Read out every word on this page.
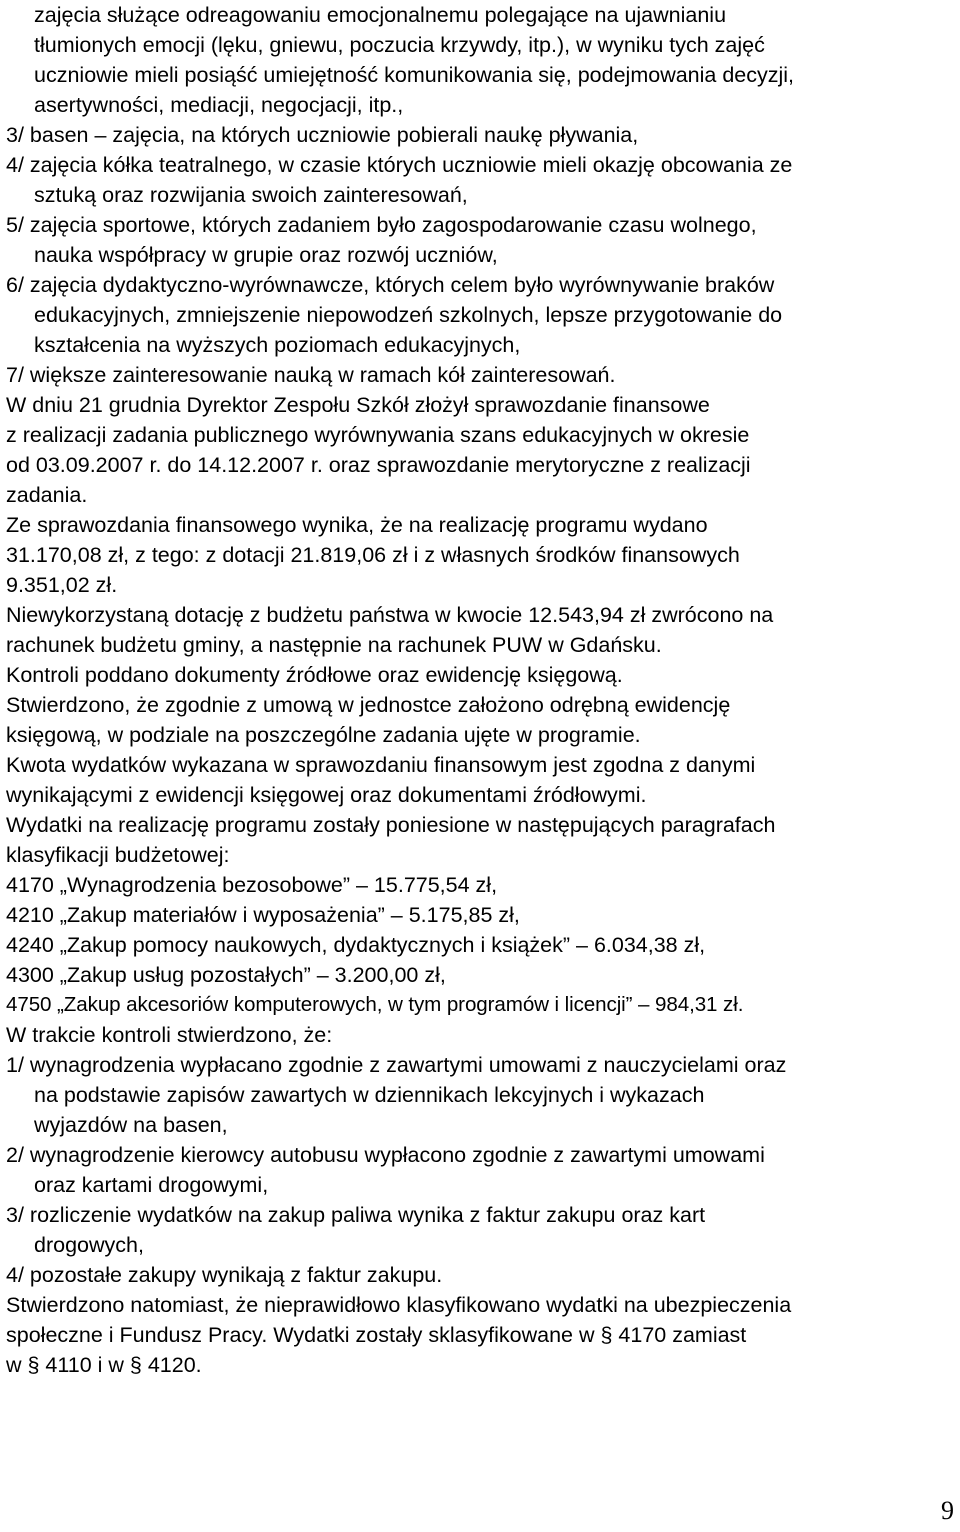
zajęcia służące odreagowaniu emocjonalnemu polegające na ujawnianiu

tłumionych emocji (lęku, gniewu, poczucia krzywdy, itp.), w wyniku tych zajęć

uczniowie mieli posiąść umiejętność komunikowania się, podejmowania decyzji,

asertywności, mediacji, negocjacji, itp.,

3/ basen – zajęcia, na których uczniowie pobierali naukę pływania,

4/ zajęcia kółka teatralnego, w czasie których uczniowie mieli okazję obcowania ze

sztuką oraz rozwijania swoich zainteresowań,

5/ zajęcia sportowe, których zadaniem było zagospodarowanie czasu wolnego,

nauka współpracy w grupie oraz rozwój uczniów,

6/ zajęcia dydaktyczno-wyrównawcze, których celem było wyrównywanie braków

edukacyjnych, zmniejszenie niepowodzeń szkolnych, lepsze przygotowanie do

kształcenia na wyższych poziomach edukacyjnych,

7/ większe zainteresowanie nauką w ramach kół zainteresowań.

W dniu 21 grudnia Dyrektor Zespołu Szkół złożył sprawozdanie finansowe

z realizacji zadania publicznego wyrównywania szans edukacyjnych w okresie

od 03.09.2007 r. do 14.12.2007 r. oraz sprawozdanie merytoryczne z realizacji

zadania.

Ze sprawozdania finansowego wynika, że na realizację programu wydano

31.170,08 zł, z tego: z dotacji 21.819,06 zł i z własnych środków finansowych

9.351,02 zł.

Niewykorzystaną dotację z budżetu państwa w kwocie 12.543,94 zł zwrócono na

rachunek budżetu gminy, a następnie na rachunek PUW w Gdańsku.

Kontroli poddano dokumenty źródłowe oraz ewidencję księgową.

Stwierdzono, że zgodnie z umową w jednostce założono odrębną ewidencję

księgową, w podziale na poszczególne zadania ujęte w programie.

Kwota wydatków wykazana w sprawozdaniu finansowym jest zgodna z danymi

wynikającymi z ewidencji księgowej oraz dokumentami źródłowymi.

Wydatki na realizację programu zostały poniesione w następujących paragrafach

klasyfikacji budżetowej:

4170 „Wynagrodzenia bezosobowe” – 15.775,54 zł,

4210 „Zakup materiałów i wyposażenia” – 5.175,85 zł,

4240 „Zakup pomocy naukowych, dydaktycznych i książek” – 6.034,38 zł,

4300 „Zakup usług pozostałych” – 3.200,00 zł,

4750 „Zakup akcesoriów komputerowych, w tym programów i licencji” – 984,31 zł.

W trakcie kontroli stwierdzono, że:

1/ wynagrodzenia wypłacano zgodnie z zawartymi umowami z nauczycielami oraz

na podstawie zapisów zawartych w dziennikach lekcyjnych i wykazach

wyjazdów na basen,

2/ wynagrodzenie kierowcy autobusu wypłacono zgodnie z zawartymi umowami

oraz kartami drogowymi,

3/ rozliczenie wydatków na zakup paliwa wynika z faktur zakupu oraz kart

drogowych,

4/ pozostałe zakupy wynikają z faktur zakupu.

Stwierdzono natomiast, że nieprawidłowo klasyfikowano wydatki na ubezpieczenia

społeczne i Fundusz Pracy. Wydatki zostały sklasyfikowane w § 4170 zamiast

w § 4110 i w § 4120.

9
